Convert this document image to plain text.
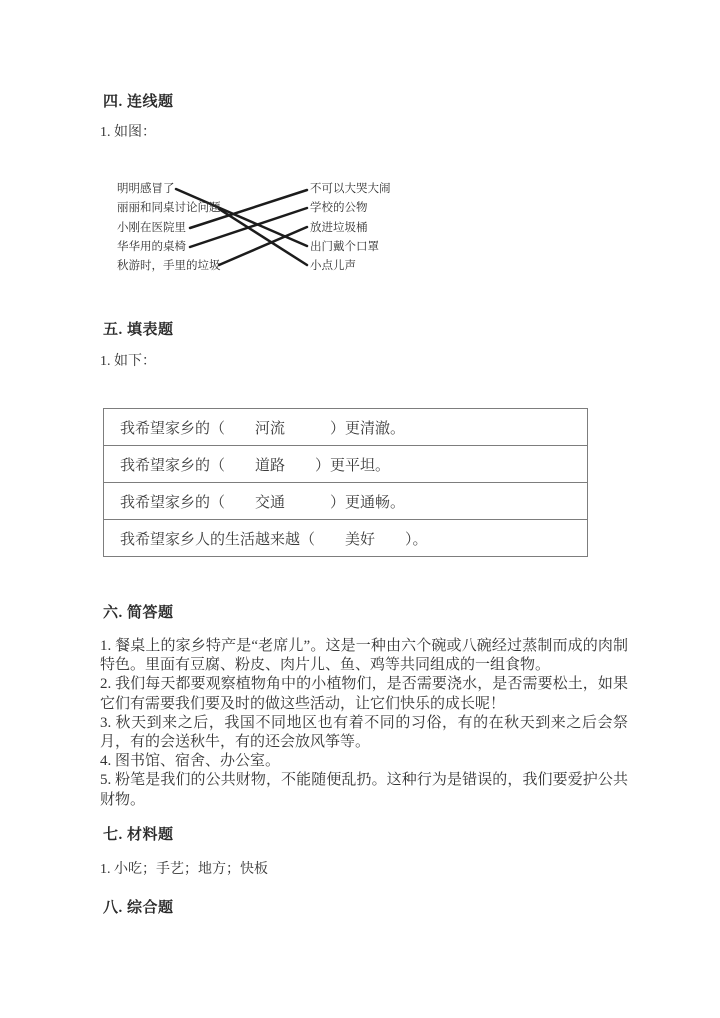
四. 连线题
1. 如图：
明明感冒了
丽丽和同桌讨论问题
小刚在医院里
华华用的桌椅
秋游时，手里的垃圾
不可以大哭大闹
学校的公物
放进垃圾桶
出门戴个口罩
小点儿声
五. 填表题
1. 如下：
我希望家乡的（　　河流　　　）更清澈。
我希望家乡的（　　道路　　）更平坦。
我希望家乡的（　　交通　　　）更通畅。
我希望家乡人的生活越来越（　　美好　　）。
六. 简答题

1. 餐桌上的家乡特产是“老席儿”。这是一种由六个碗或八碗经过蒸制而成的肉制特色。里面有豆腐、粉皮、肉片儿、鱼、鸡等共同组成的一组食物。

2. 我们每天都要观察植物角中的小植物们，是否需要浇水，是否需要松土，如果它们有需要我们要及时的做这些活动，让它们快乐的成长呢！

3. 秋天到来之后，我国不同地区也有着不同的习俗，有的在秋天到来之后会祭月，有的会送秋牛，有的还会放风筝等。

4. 图书馆、宿舍、办公室。

5. 粉笔是我们的公共财物，不能随便乱扔。这种行为是错误的，我们要爱护公共财物。

七. 材料题
1. 小吃；手艺；地方；快板
八. 综合题
